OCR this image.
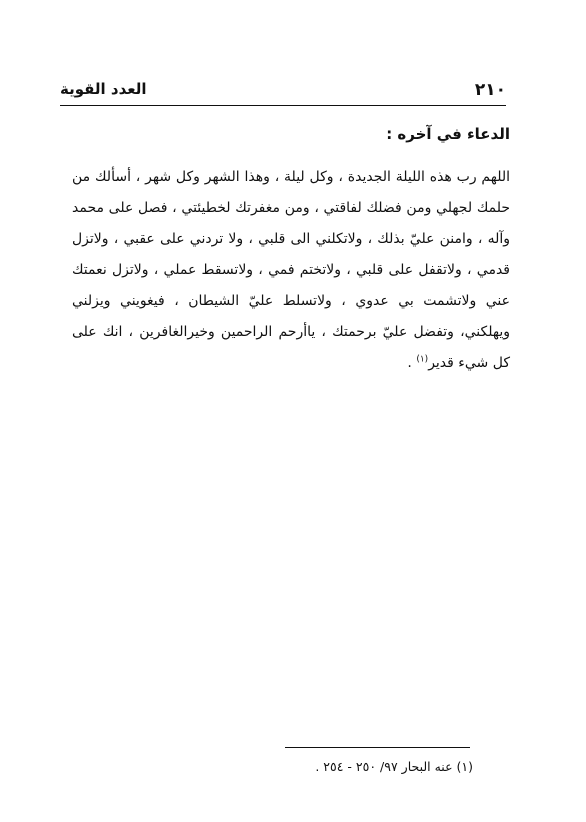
٢١٠
العدد القوية

الدعاء في آخره :

اللهم رب هذه الليلة الجديدة ، وكل ليلة ، وهذا الشهر وكل شهر ، أسألك من حلمك لجهلي ومن فضلك لفاقتي ، ومن مغفرتك لخطيئتي ، فصل على محمد وآله ، وامنن عليّ بذلك ، ولاتكلني الى قلبي ، ولا تردني على عقبي ، ولاتزل قدمي ، ولاتقفل على قلبي ، ولاتختم فمي ، ولاتسقط عملي ، ولاتزل نعمتك عني ولاتشمت بي عدوي ، ولاتسلط عليّ الشيطان ، فيغويني ويزلني ويهلكني، وتفضل عليّ برحمتك ، ياأرحم الراحمين وخيرالغافرين ، انك على كل شيء قدير$^{(١)}$ .

(١) عنه البحار ٩٧/ ٢٥٠ - ٢٥٤ .
